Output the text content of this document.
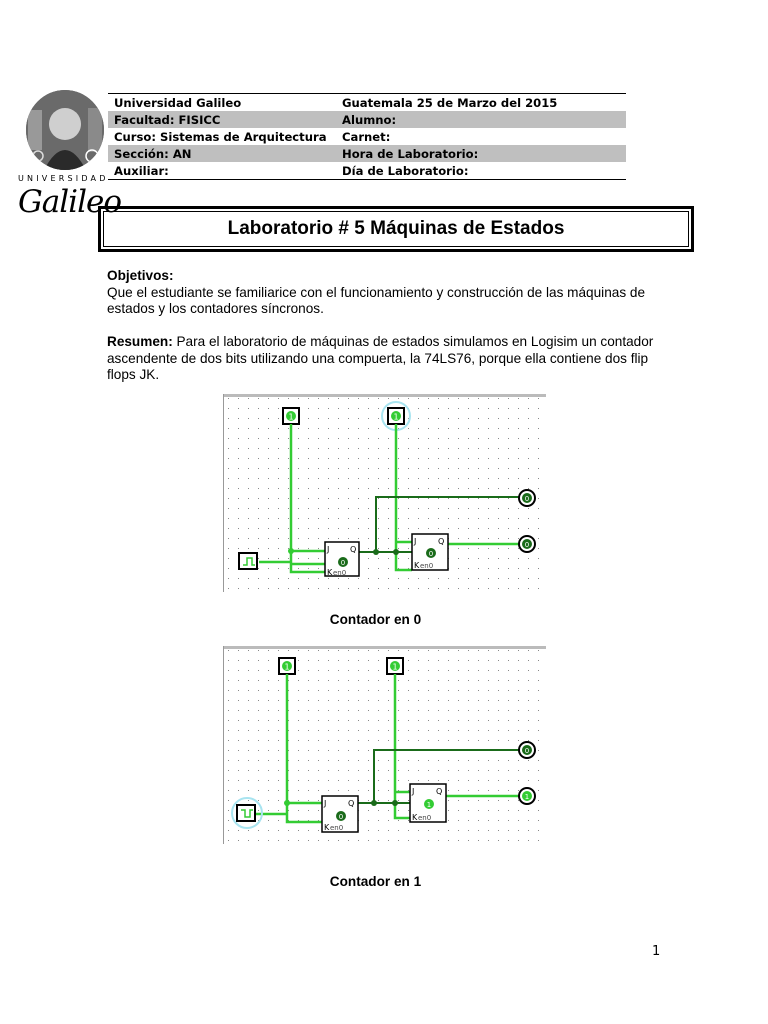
UNIVERSIDAD
Galileo
Universidad Galileo	Guatemala 25 de Marzo del 2015
Facultad: FISICC	Alumno:
Curso: Sistemas de Arquitectura	Carnet:
Sección: AN	Hora de Laboratorio:
Auxiliar:	Día de Laboratorio:
Laboratorio # 5 Máquinas de Estados
Objetivos:
Que el estudiante se familiarice con el funcionamiento y construcción de las máquinas de estados y los contadores síncronos.
Resumen: Para el laboratorio de máquinas de estados simulamos en Logisim un contador ascendente de dos bits utilizando una compuerta, la 74LS76, porque ella contiene dos flip flops JK.
1	1
J	Q
K en0
0
J	Q
K en0
0
0
0
Contador en 0
1	1
J	Q
K en0
0
J	Q
K en0
1
0
1
Contador en 1
1
